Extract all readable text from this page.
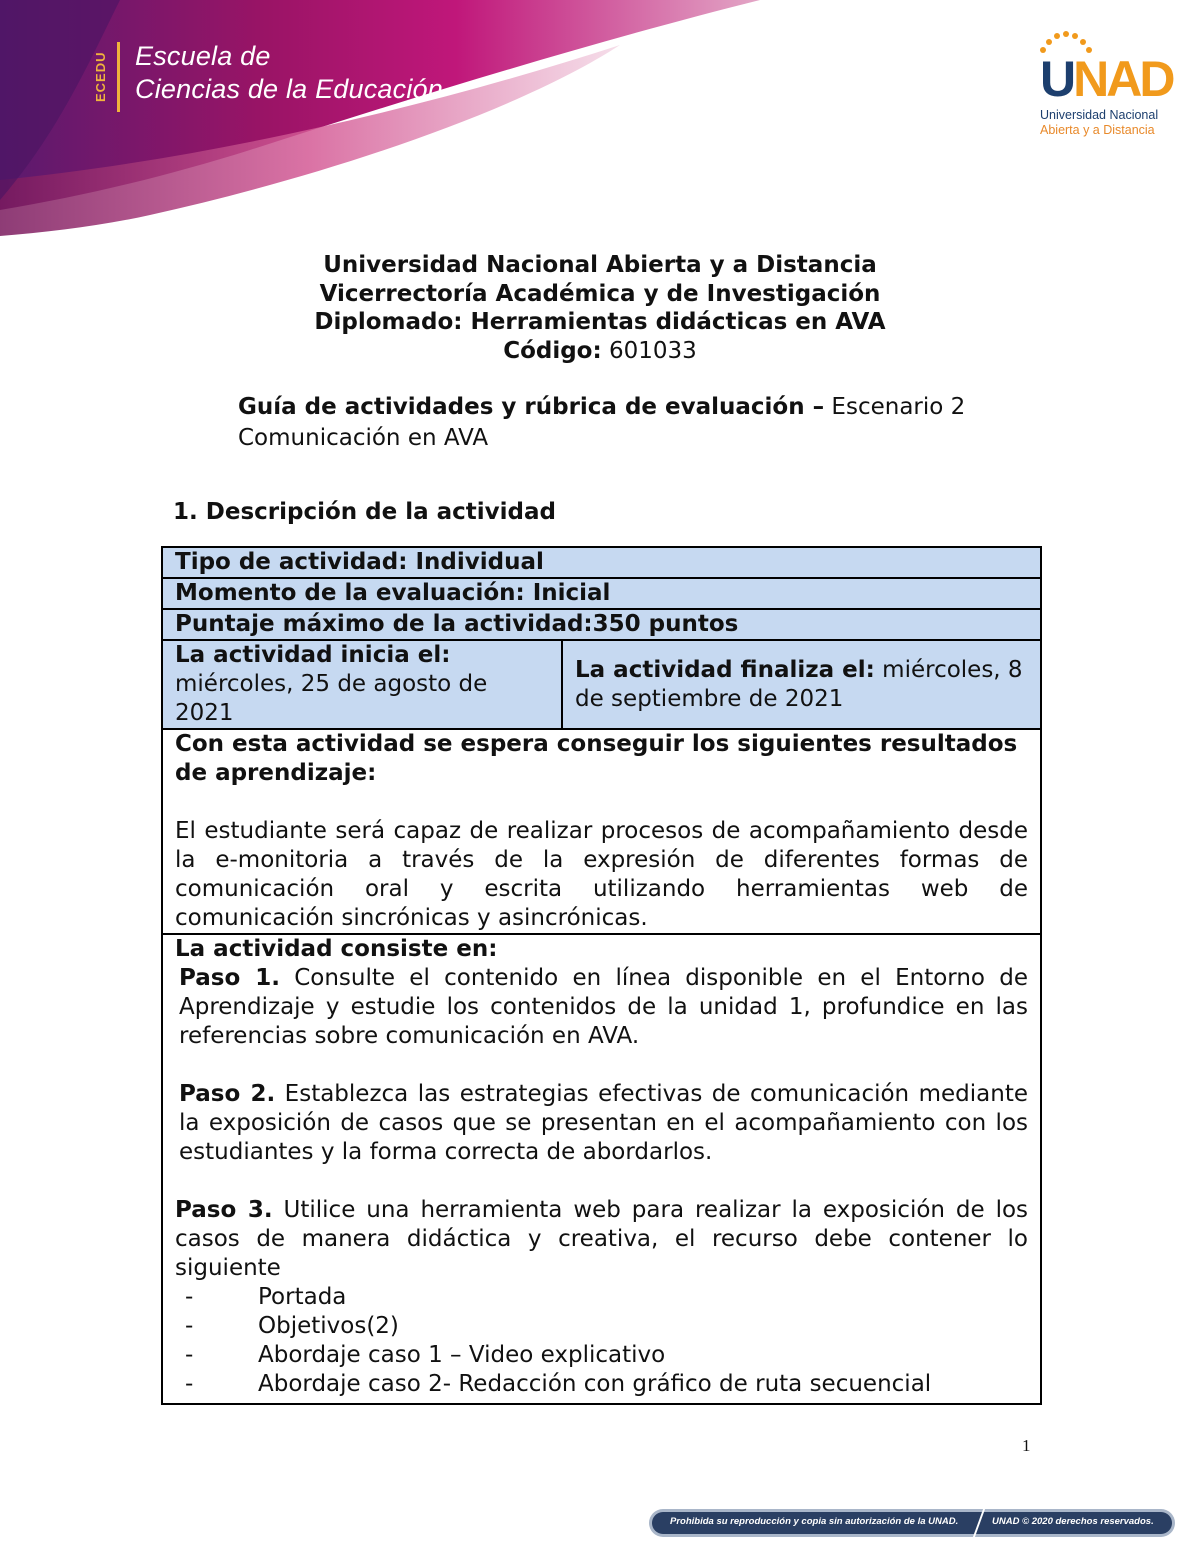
ECEDU Escuela de
Ciencias de la Educación	UNAD
Universidad Nacional
Abierta y a Distancia
Universidad Nacional Abierta y a Distancia
Vicerrectoría Académica y de Investigación
Diplomado: Herramientas didácticas en AVA
Código: 601033
Guía de actividades y rúbrica de evaluación – Escenario 2
Comunicación en AVA
1. Descripción de la actividad
Tipo de actividad: Individual
Momento de la evaluación: Inicial
Puntaje máximo de la actividad:350 puntos

La actividad inicia el:
miércoles, 25 de agosto de 2021
	La actividad finaliza el: miércoles, 8 de septiembre de 2021

Con esta actividad se espera conseguir los siguientes resultados de aprendizaje:
El estudiante será capaz de realizar procesos de acompañamiento desde la e-monitoria a través de la expresión de diferentes formas de comunicación oral y escrita utilizando herramientas web de comunicación sincrónicas y asincrónicas.

La actividad consiste en:

Paso 1. Consulte el contenido en línea disponible en el Entorno de Aprendizaje y estudie los contenidos de la unidad 1, profundice en las referencias sobre comunicación en AVA.

Paso 2. Establezca las estrategias efectivas de comunicación mediante la exposición de casos que se presentan en el acompañamiento con los estudiantes y la forma correcta de abordarlos.

Paso 3. Utilice una herramienta web para realizar la exposición de los casos de manera didáctica y creativa, el recurso debe contener lo siguiente

- Portada
- Objetivos(2)
- Abordaje caso 1 – Video explicativo
- Abordaje caso 2- Redacción con gráfico de ruta secuencial
1
Prohibida su reproducción y copia sin autorización de la UNAD.	UNAD © 2020 derechos reservados.
